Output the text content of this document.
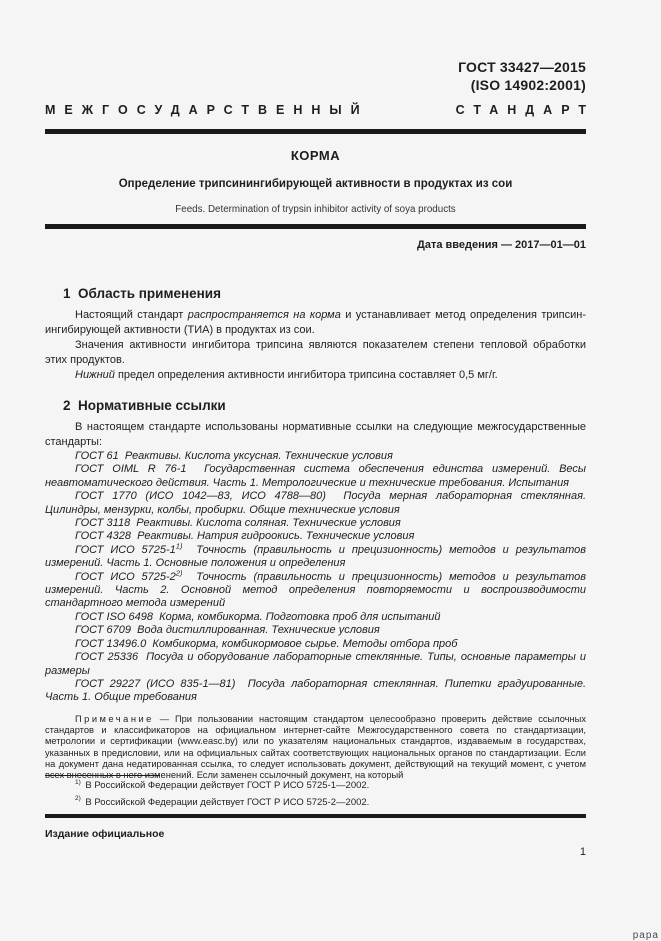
ГОСТ 33427—2015
(ISO 14902:2001)
МЕЖГОСУДАРСТВЕННЫЙ	СТАНДАРТ
КОРМА
Определение трипсинингибирующей активности в продуктах из сои
Feeds. Determination of trypsin inhibitor activity of soya products
Дата введения — 2017—01—01
1  Область применения

Настоящий стандарт распространяется на корма и устанавливает метод определения трипсин-ингибирующей активности (ТИА) в продуктах из сои.

Значения активности ингибитора трипсина являются показателем степени тепловой обработки этих продуктов.

Нижний предел определения активности ингибитора трипсина составляет 0,5 мг/г.

2  Нормативные ссылки

В настоящем стандарте использованы нормативные ссылки на следующие межгосударственные стандарты:

ГОСТ 61  Реактивы. Кислота уксусная. Технические условия

ГОСТ OIML R 76-1  Государственная система обеспечения единства измерений. Весы неавтоматического действия. Часть 1. Метрологические и технические требования. Испытания

ГОСТ 1770 (ИСО 1042—83, ИСО 4788—80)  Посуда мерная лабораторная стеклянная. Цилиндры, мензурки, колбы, пробирки. Общие технические условия

ГОСТ 3118  Реактивы. Кислота соляная. Технические условия

ГОСТ 4328  Реактивы. Натрия гидроокись. Технические условия

ГОСТ ИСО 5725-1$^{1)}$  Точность (правильность и прецизионность) методов и результатов измерений. Часть 1. Основные положения и определения

ГОСТ ИСО 5725-2$^{2)}$  Точность (правильность и прецизионность) методов и результатов измерений. Часть 2. Основной метод определения повторяемости и воспроизводимости стандартного метода измерений

ГОСТ ISO 6498  Корма, комбикорма. Подготовка проб для испытаний

ГОСТ 6709  Вода дистиллированная. Технические условия

ГОСТ 13496.0  Комбикорма, комбикормовое сырье. Методы отбора проб

ГОСТ 25336  Посуда и оборудование лабораторные стеклянные. Типы, основные параметры и размеры

ГОСТ 29227 (ИСО 835-1—81)  Посуда лабораторная стеклянная. Пипетки градуированные. Часть 1. Общие требования

Примечание — При пользовании настоящим стандартом целесообразно проверить действие ссылочных стандартов и классификаторов на официальном интернет-сайте Межгосударственного совета по стандартизации, метрологии и сертификации (www.easc.by) или по указателям национальных стандартов, издаваемым в государствах, указанных в предисловии, или на официальных сайтах соответствующих национальных органов по стандартизации. Если на документ дана недатированная ссылка, то следует использовать документ, действующий на текущий момент, с учетом всех внесенных в него изменений. Если заменен ссылочный документ, на который

$^{1)}$ В Российской Федерации действует ГОСТ Р ИСО 5725-1—2002.

$^{2)}$ В Российской Федерации действует ГОСТ Р ИСО 5725-2—2002.

Издание официальное
1
рара
